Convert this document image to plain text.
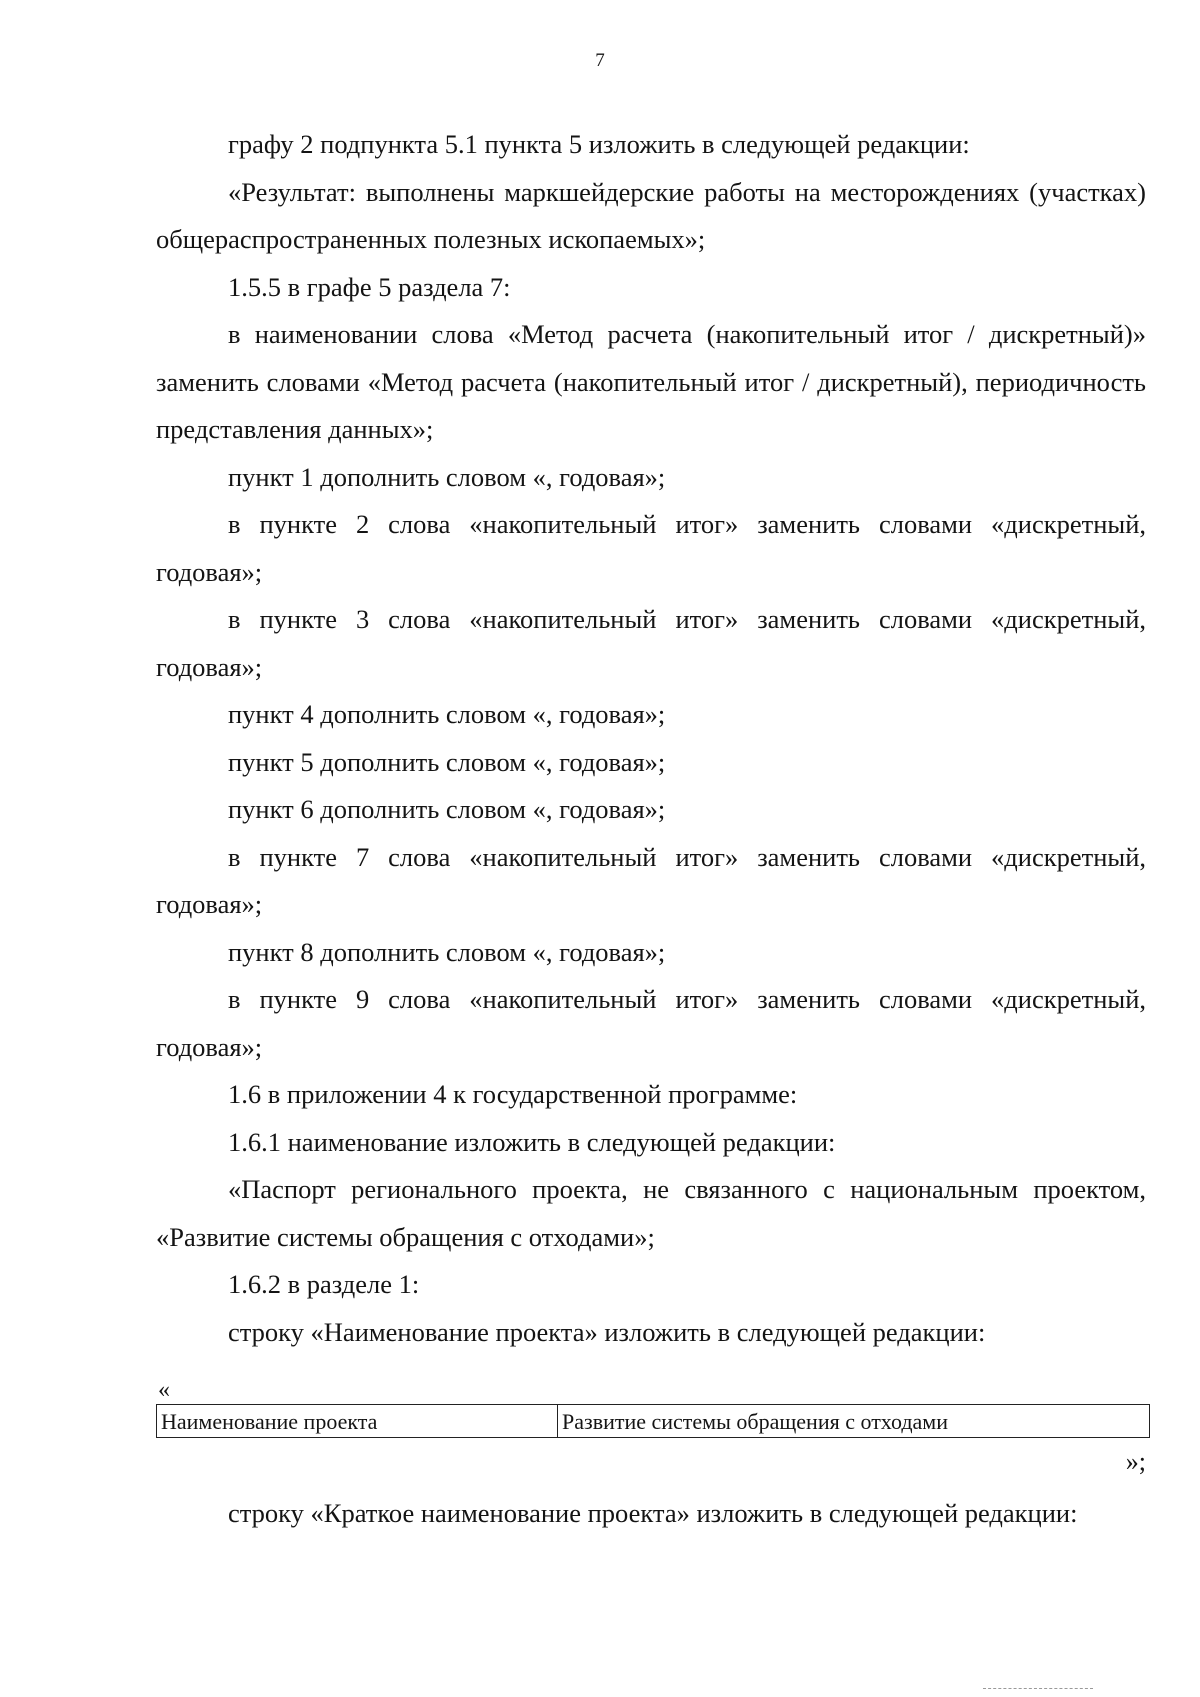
7

графу 2 подпункта 5.1 пункта 5 изложить в следующей редакции:

«Результат: выполнены маркшейдерские работы на месторождениях (участках) общераспространенных полезных ископаемых»;

1.5.5 в графе 5 раздела 7:

в наименовании слова «Метод расчета (накопительный итог / дискретный)» заменить словами «Метод расчета (накопительный итог / дискретный), периодичность представления данных»;

пункт 1 дополнить словом «, годовая»;

в пункте 2 слова «накопительный итог» заменить словами «дискретный, годовая»;

в пункте 3 слова «накопительный итог» заменить словами «дискретный, годовая»;

пункт 4 дополнить словом «, годовая»;

пункт 5 дополнить словом «, годовая»;

пункт 6 дополнить словом «, годовая»;

в пункте 7 слова «накопительный итог» заменить словами «дискретный, годовая»;

пункт 8 дополнить словом «, годовая»;

в пункте 9 слова «накопительный итог» заменить словами «дискретный, годовая»;

1.6 в приложении 4 к государственной программе:

1.6.1 наименование изложить в следующей редакции:

«Паспорт регионального проекта, не связанного с национальным проектом, «Развитие системы обращения с отходами»;

1.6.2 в разделе 1:

строку «Наименование проекта» изложить в следующей редакции:

«
Наименование проекта	Развитие системы обращения с отходами
»;

строку «Краткое наименование проекта» изложить в следующей редакции:
